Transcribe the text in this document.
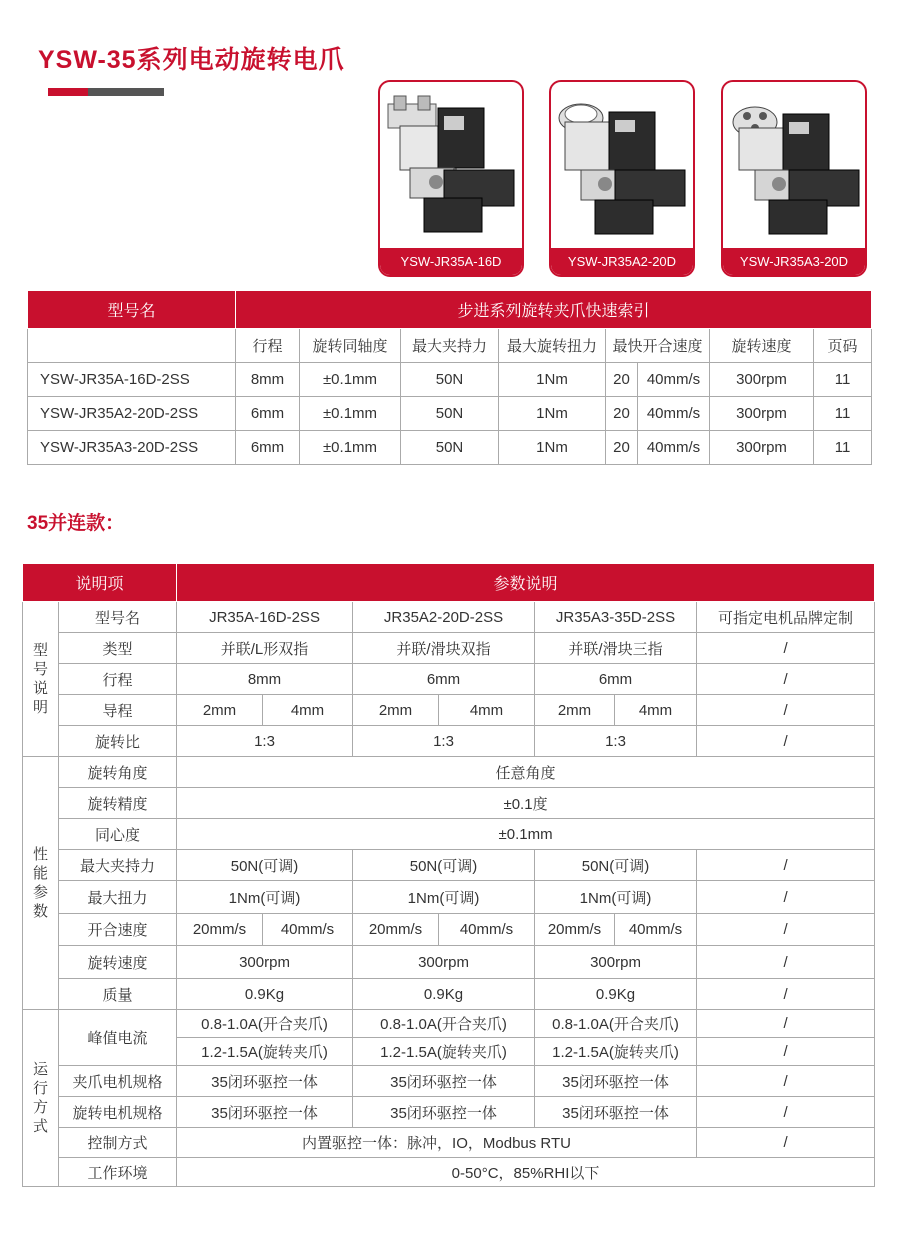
YSW-35系列电动旋转电爪
YSW-JR35A-16D	YSW-JR35A2-20D	YSW-JR35A3-20D
型号名	步进系列旋转夹爪快速索引							
	行程	旋转同轴度	最大夹持力	最大旋转扭力	最快开合速度		旋转速度	页码
YSW-JR35A-16D-2SS	8mm	±0.1mm	50N	1Nm	20	40mm/s	300rpm	11
YSW-JR35A2-20D-2SS	6mm	±0.1mm	50N	1Nm	20	40mm/s	300rpm	11
YSW-JR35A3-20D-2SS	6mm	±0.1mm	50N	1Nm	20	40mm/s	300rpm	11
35并连款：
说明项		参数说明						
型号说明	型号名	JR35A-16D-2SS		JR35A2-20D-2SS		JR35A3-35D-2SS		可指定电机品牌定制
	类型	并联/L形双指		并联/滑块双指		并联/滑块三指		/
	行程	8mm		6mm		6mm		/
	导程	2mm	4mm	2mm	4mm	2mm	4mm	/
	旋转比	1:3		1:3		1:3		/
性能参数	旋转角度	任意角度						
	旋转精度	±0.1度						
	同心度	±0.1mm						
	最大夹持力	50N(可调)		50N(可调)		50N(可调)		/
	最大扭力	1Nm(可调)		1Nm(可调)		1Nm(可调)		/
	开合速度	20mm/s	40mm/s	20mm/s	40mm/s	20mm/s	40mm/s	/
	旋转速度	300rpm		300rpm		300rpm		/
	质量	0.9Kg		0.9Kg		0.9Kg		/
运行方式	峰值电流	0.8-1.0A(开合夹爪)		0.8-1.0A(开合夹爪)		0.8-1.0A(开合夹爪)		/
		1.2-1.5A(旋转夹爪)		1.2-1.5A(旋转夹爪)		1.2-1.5A(旋转夹爪)		/
	夹爪电机规格	35闭环驱控一体		35闭环驱控一体		35闭环驱控一体		/
	旋转电机规格	35闭环驱控一体		35闭环驱控一体		35闭环驱控一体		/
	控制方式	内置驱控一体：脉冲，IO，Modbus RTU						/
	工作环境	0-50°C，85%RHI以下						
